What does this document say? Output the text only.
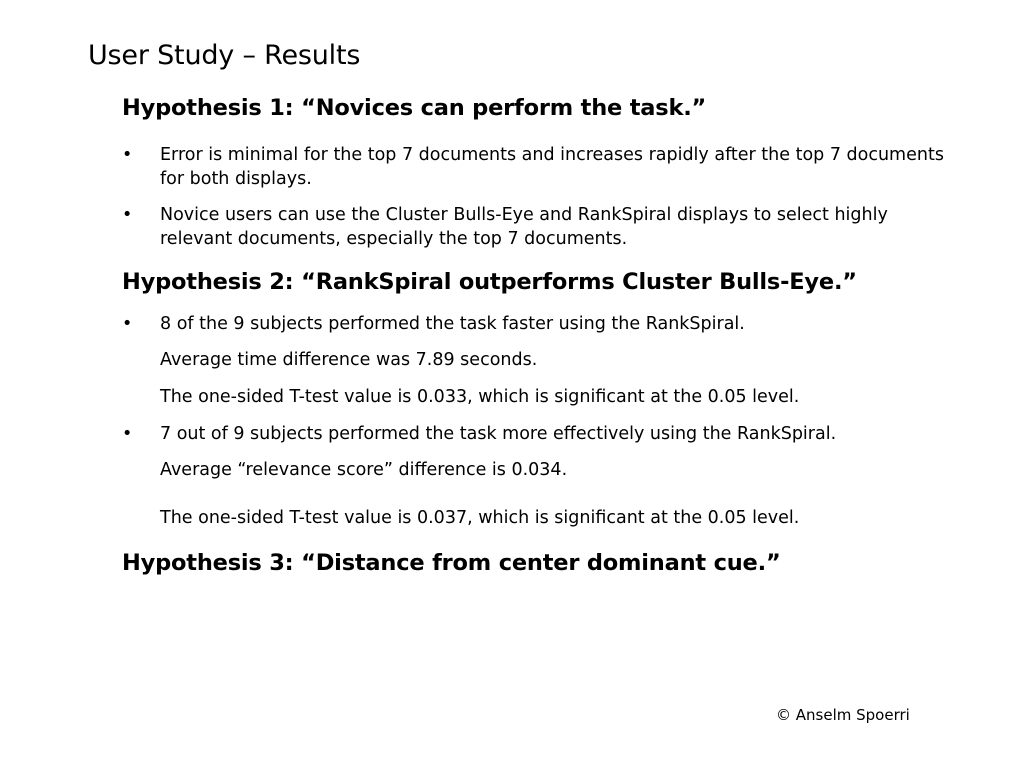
User Study – Results
Hypothesis 1: “Novices can perform the task.”
• Error is minimal for the top 7 documents and increases rapidly after the top 7 documents for both displays.
• Novice users can use the Cluster Bulls-Eye and RankSpiral displays to select highly relevant documents, especially the top 7 documents.
Hypothesis 2: “RankSpiral outperforms Cluster Bulls-Eye.”
• 8 of the 9 subjects performed the task faster using the RankSpiral.
Average time difference was 7.89 seconds.
The one-sided T-test value is 0.033, which is significant at the 0.05 level.
• 7 out of 9 subjects performed the task more effectively using the RankSpiral.
Average “relevance score” difference is 0.034.
The one-sided T-test value is 0.037, which is significant at the 0.05 level.
Hypothesis 3: “Distance from center dominant cue.”
© Anselm Spoerri
